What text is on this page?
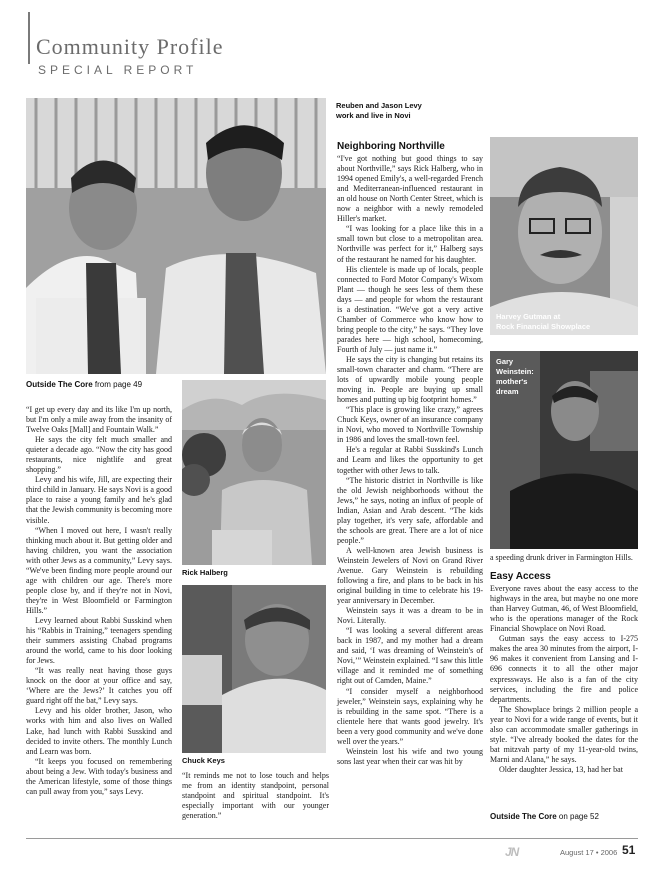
Community Profile
SPECIAL REPORT
Reuben and Jason Levy
work and live in Novi
Outside The Core from page 49

“I get up every day and its like I'm up north, but I'm only a mile away from the insanity of Twelve Oaks [Mall] and Fountain Walk.”

He says the city felt much smaller and quieter a decade ago. “Now the city has good restaurants, nice nightlife and great shopping.”

Levy and his wife, Jill, are expecting their third child in January. He says Novi is a good place to raise a young family and he's glad that the Jewish community is becoming more visible.

“When I moved out here, I wasn't really thinking much about it. But getting older and having children, you want the association with other Jews as a community,” Levy says. “We've been finding more people around our age with children our age. There's more people close by, and if they're not in Novi, they're in West Bloomfield or Farmington Hills.”

Levy learned about Rabbi Susskind when his “Rabbis in Training,” teenagers spending their summers assisting Chabad programs around the world, came to his door looking for Jews.

“It was really neat having those guys knock on the door at your office and say, ‘Where are the Jews?’ It catches you off guard right off the bat,” Levy says.

Levy and his older brother, Jason, who works with him and also lives on Walled Lake, had lunch with Rabbi Susskind and decided to invite others. The monthly Lunch and Learn was born.

“It keeps you focused on remembering about being a Jew. With today's business and the American lifestyle, some of those things can pull away from you,” says Levy.

Rick Halberg
Chuck Keys

“It reminds me not to lose touch and helps me from an identity standpoint, personal standpoint and spiritual standpoint. It's especially important with our younger generation.”

Neighboring Northville

“I've got nothing but good things to say about Northville,” says Rick Halberg, who in 1994 opened Emily's, a well-regarded French and Mediterranean-influenced restaurant in an old house on North Center Street, which is now a neighbor with a newly remodeled Hiller's market.

“I was looking for a place like this in a small town but close to a metropolitan area. Northville was perfect for it,” Halberg says of the restaurant he named for his daughter.

His clientele is made up of locals, people connected to Ford Motor Company's Wixom Plant — though he sees less of them these days — and people for whom the restaurant is a destination. “We've got a very active Chamber of Commerce who know how to bring people to the city,” he says. “They love parades here — high school, homecoming, Fourth of July — just name it.”

He says the city is changing but retains its small-town character and charm. “There are lots of upwardly mobile young people moving in. People are buying up small homes and putting up big footprint homes.”

“This place is growing like crazy,” agrees Chuck Keys, owner of an insurance company in Novi, who moved to Northville Township in 1986 and loves the small-town feel.

He's a regular at Rabbi Susskind's Lunch and Learn and likes the opportunity to get together with other Jews to talk.

“The historic district in Northville is like the old Jewish neighborhoods without the Jews,” he says, noting an influx of people of Indian, Asian and Arab descent. “The kids play together, it's very safe, affordable and the schools are great. There are a lot of nice people.”

A well-known area Jewish business is Weinstein Jewelers of Novi on Grand River Avenue. Gary Weinstein is rebuilding following a fire, and plans to be back in his original building in time to celebrate his 19-year anniversary in December.

Weinstein says it was a dream to be in Novi. Literally.

“I was looking a several different areas back in 1987, and my mother had a dream and said, ‘I was dreaming of Weinstein's of Novi,’” Weinstein explained. “I saw this little village and it reminded me of something right out of Camden, Maine.”

“I consider myself a neighborhood jeweler,” Weinstein says, explaining why he is rebuilding in the same spot. “There is a clientele here that wants good jewelry. It's been a very good community and we've done well over the years.”

Weinstein lost his wife and two young sons last year when their car was hit by

Harvey Gutman at
Rock Financial Showplace
Gary
Weinstein:
mother's
dream

a speeding drunk driver in Farmington Hills.

Easy Access

Everyone raves about the easy access to the highways in the area, but maybe no one more than Harvey Gutman, 46, of West Bloomfield, who is the operations manager of the Rock Financial Showplace on Novi Road.

Gutman says the easy access to I-275 makes the area 30 minutes from the airport, I-96 makes it convenient from Lansing and I-696 connects it to all the other major expressways. He also is a fan of the city services, including the fire and police departments.

The Showplace brings 2 million people a year to Novi for a wide range of events, but it also can accommodate smaller gatherings in style. “I've already booked the dates for the bat mitzvah party of my 11-year-old twins, Marni and Alana,” he says.

Older daughter Jessica, 13, had her bat

Outside The Core on page 52
JN	August 17 • 2006 51
